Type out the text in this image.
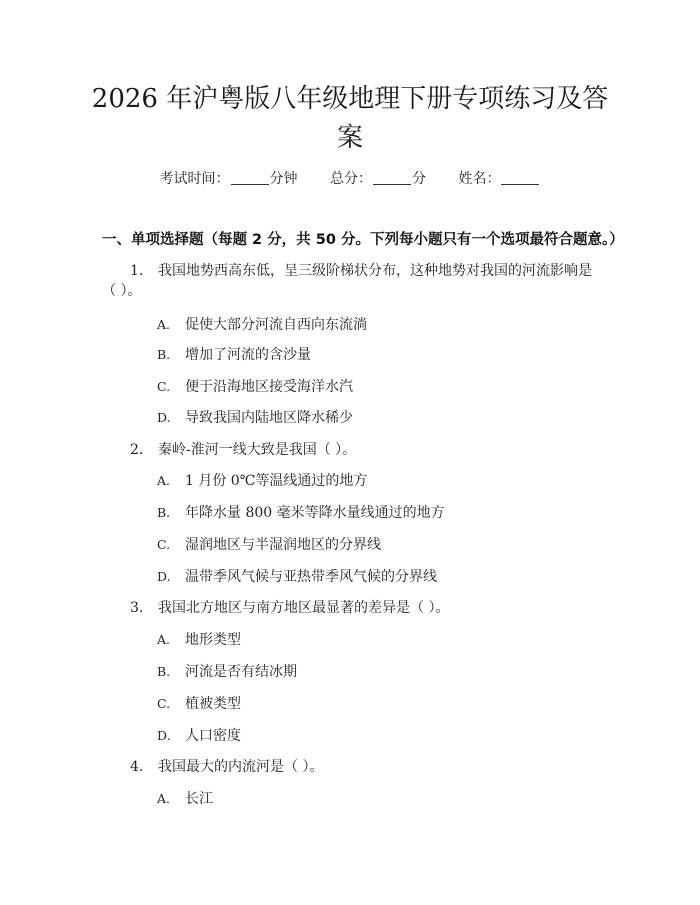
2026 年沪粤版八年级地理下册专项练习及答案
考试时间：	分钟 总分：	分 姓名：
一、单项选择题（每题 2 分，共 50 分。下列每小题只有一个选项最符合题意。）
1. 我国地势西高东低，呈三级阶梯状分布，这种地势对我国的河流影响是（ ）。
A. 促使大部分河流自西向东流淌
B. 增加了河流的含沙量
C. 便于沿海地区接受海洋水汽
D. 导致我国内陆地区降水稀少
2. 秦岭-淮河一线大致是我国（ ）。
A. 1 月份 0℃等温线通过的地方
B. 年降水量 800 毫米等降水量线通过的地方
C. 湿润地区与半湿润地区的分界线
D. 温带季风气候与亚热带季风气候的分界线
3. 我国北方地区与南方地区最显著的差异是（ ）。
A. 地形类型
B. 河流是否有结冰期
C. 植被类型
D. 人口密度
4. 我国最大的内流河是（ ）。
A. 长江
